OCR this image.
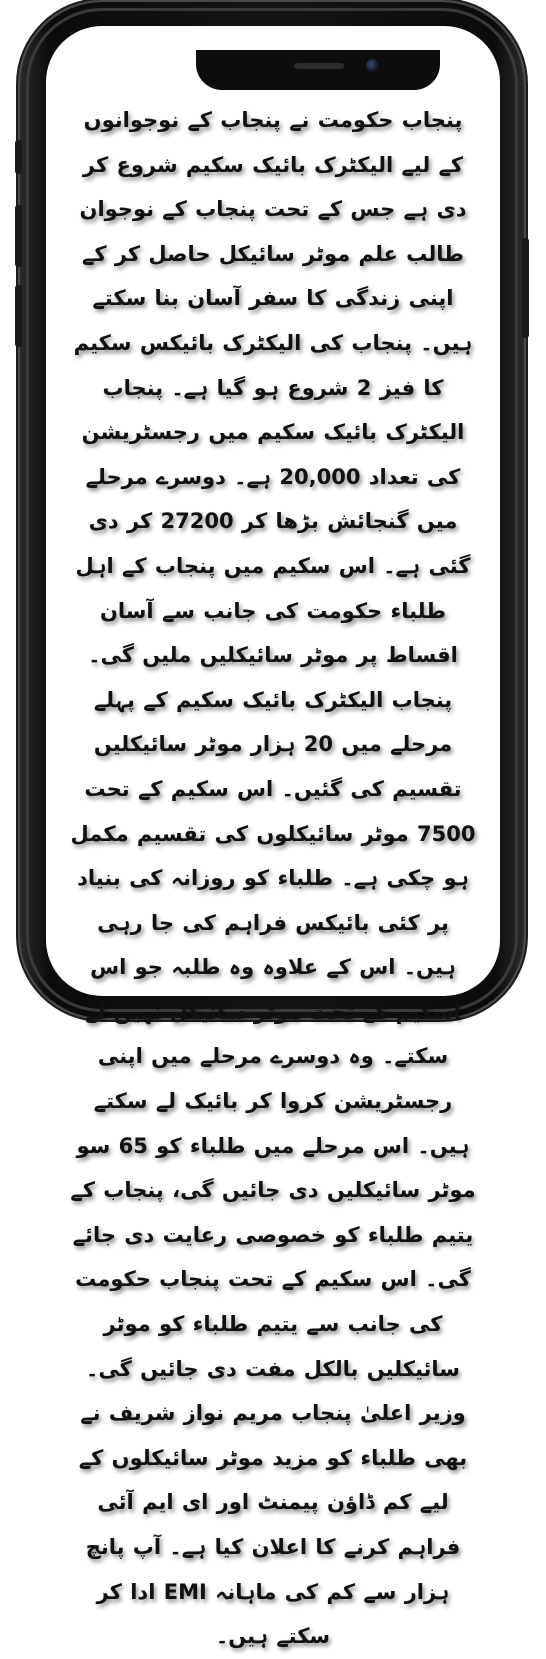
پنجاب حکومت نے پنجاب کے نوجوانوں کے لیے الیکٹرک بائیک سکیم شروع کر دی ہے جس کے تحت پنجاب کے نوجوان طالب علم موٹر سائیکل حاصل کر کے اپنی زندگی کا سفر آسان بنا سکتے ہیں۔ پنجاب کی الیکٹرک بائیکس سکیم کا فیز 2 شروع ہو گیا ہے۔ پنجاب الیکٹرک بائیک سکیم میں رجسٹریشن کی تعداد 20,000 ہے۔ دوسرے مرحلے میں گنجائش بڑھا کر 27200 کر دی گئی ہے۔ اس سکیم میں پنجاب کے اہل طلباء حکومت کی جانب سے آسان اقساط پر موٹر سائیکلیں ملیں گی۔ پنجاب الیکٹرک بائیک سکیم کے پہلے مرحلے میں 20 ہزار موٹر سائیکلیں تقسیم کی گئیں۔ اس سکیم کے تحت 7500 موٹر سائیکلوں کی تقسیم مکمل ہو چکی ہے۔ طلباء کو روزانہ کی بنیاد پر کئی بائیکس فراہم کی جا رہی ہیں۔ اس کے علاوہ وہ طلبہ جو اس اسکیم کے تحت موٹر سائیکل نہیں لے سکتے۔ وہ دوسرے مرحلے میں اپنی رجسٹریشن کروا کر بائیک لے سکتے ہیں۔ اس مرحلے میں طلباء کو 65 سو موٹر سائیکلیں دی جائیں گی، پنجاب کے یتیم طلباء کو خصوصی رعایت دی جائے گی۔ اس سکیم کے تحت پنجاب حکومت کی جانب سے یتیم طلباء کو موٹر سائیکلیں بالکل مفت دی جائیں گی۔ وزیر اعلیٰ پنجاب مریم نواز شریف نے بھی طلباء کو مزید موٹر سائیکلوں کے لیے کم ڈاؤن پیمنٹ اور ای ایم آئی فراہم کرنے کا اعلان کیا ہے۔ آپ پانچ ہزار سے کم کی ماہانہ EMI ادا کر سکتے ہیں۔
